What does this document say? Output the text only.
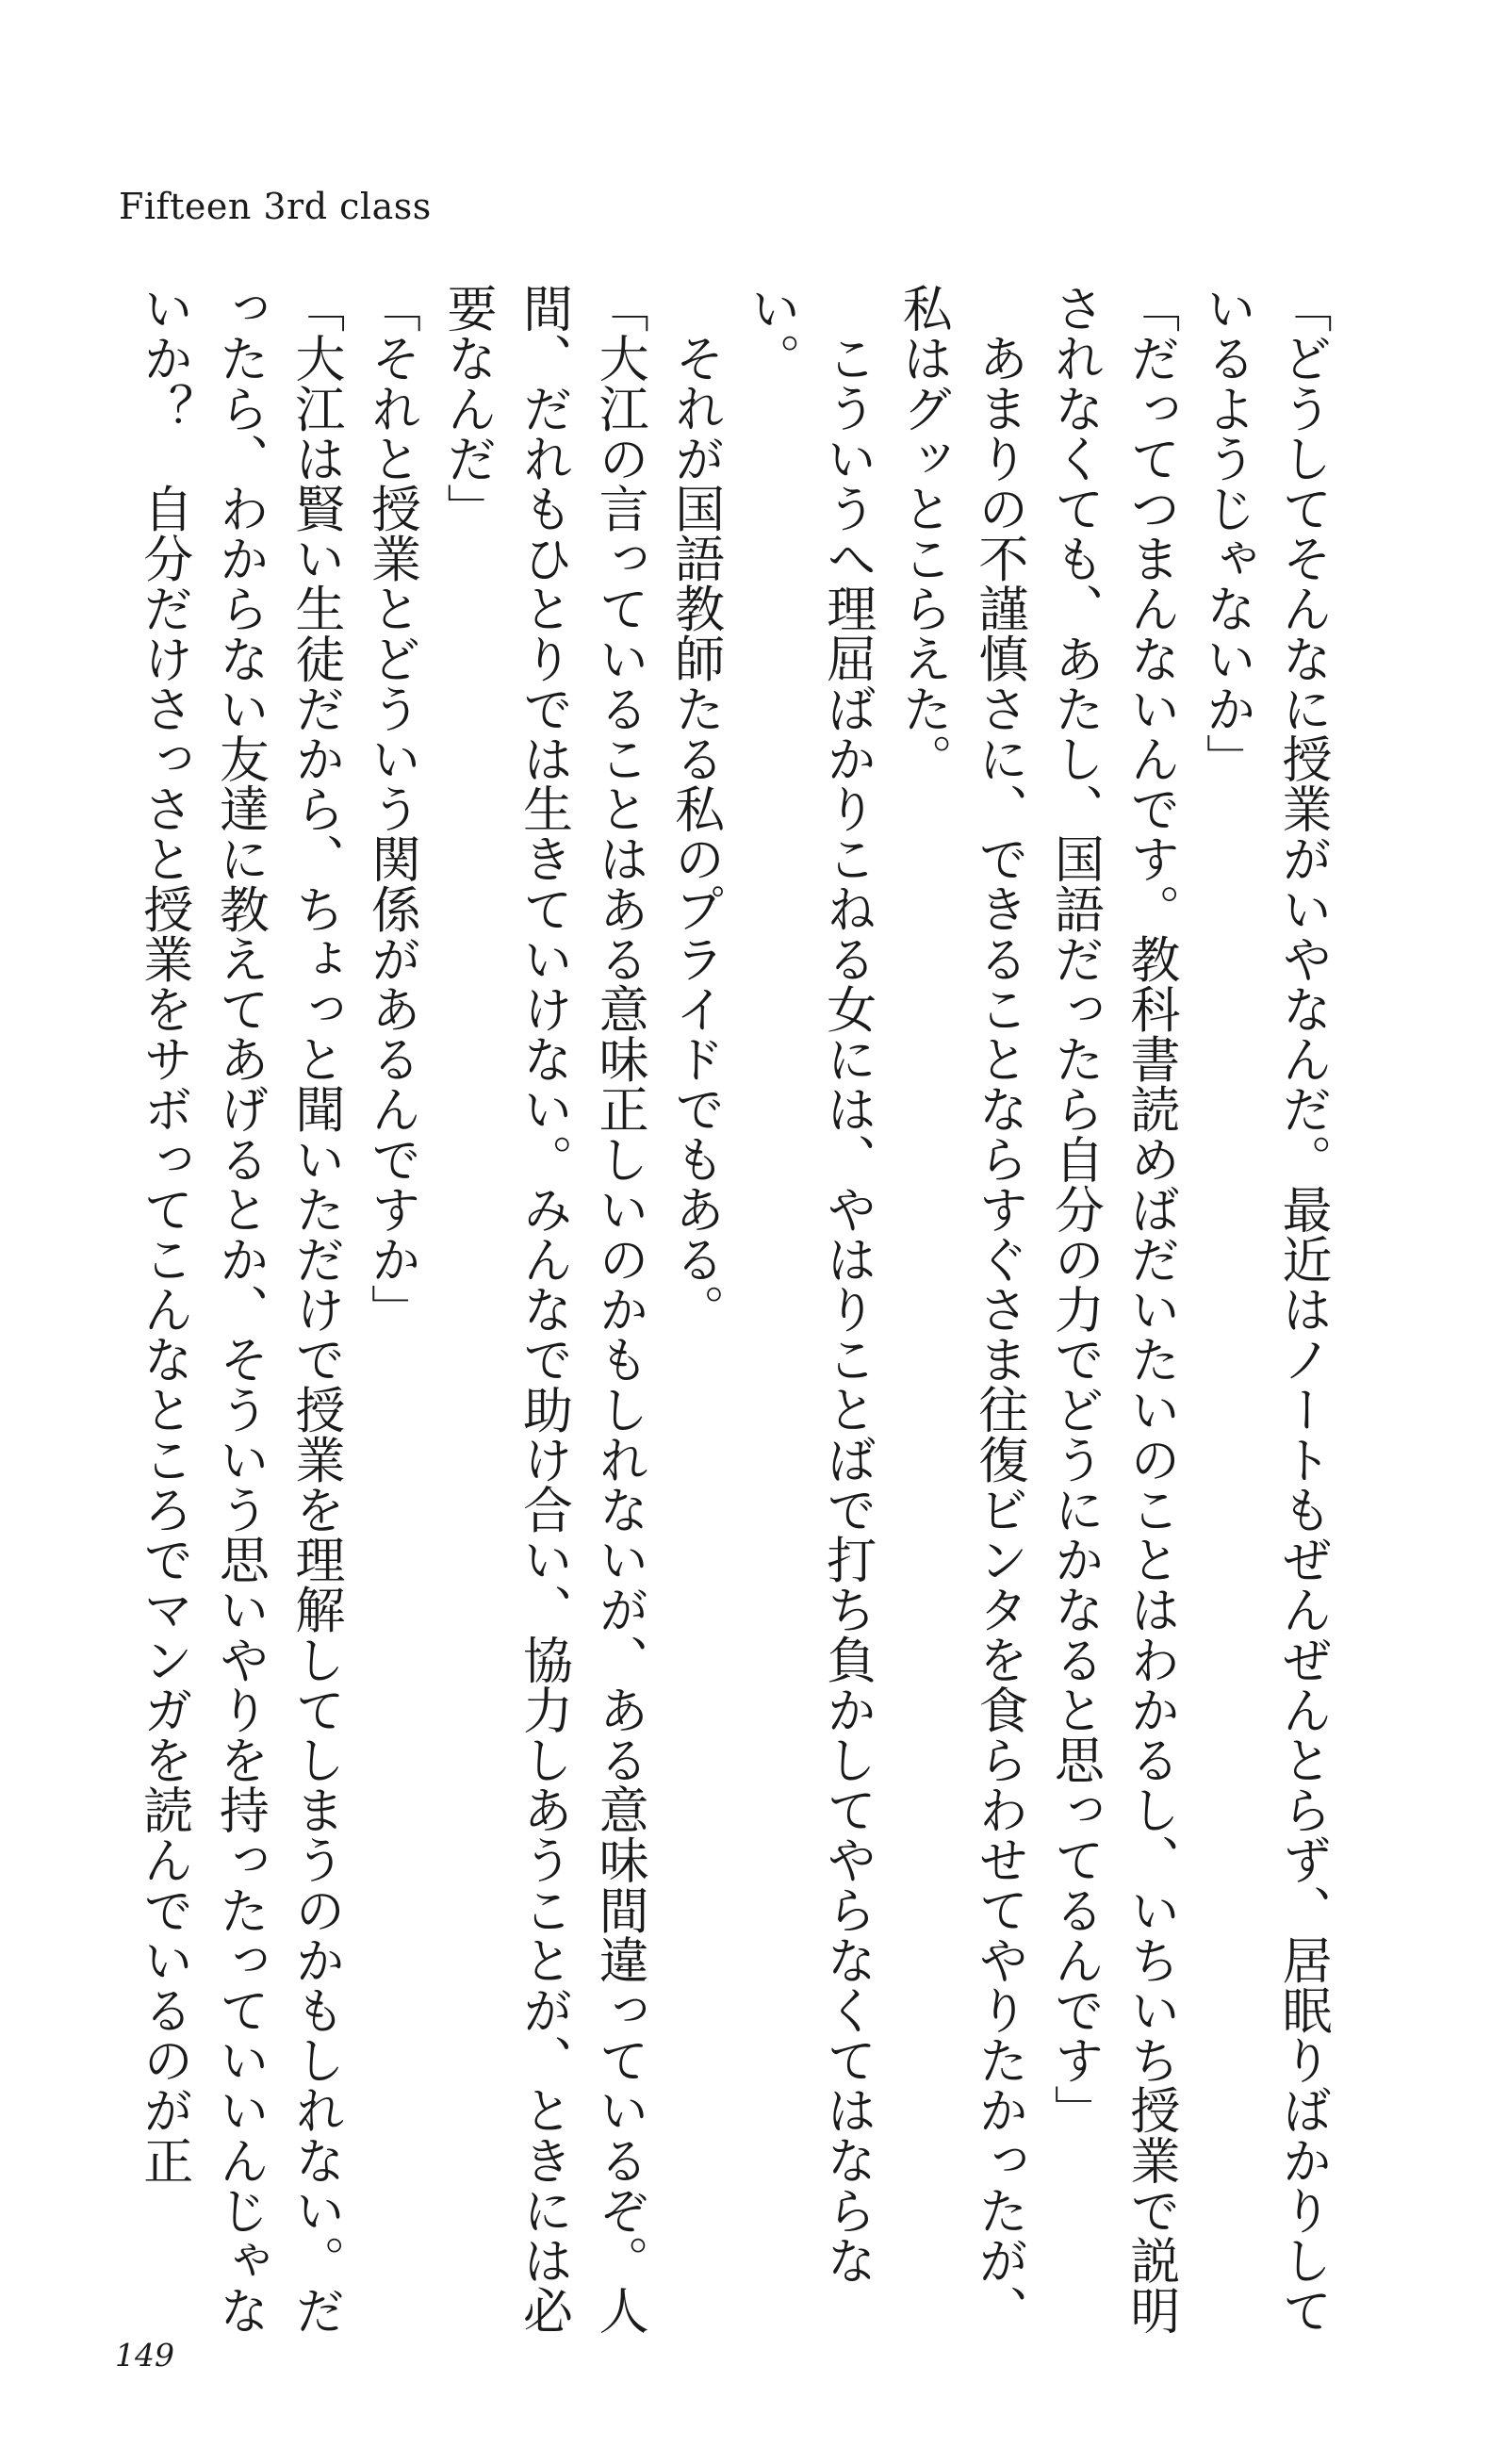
Fifteen 3rd class

「どうしてそんなに授業がいやなんだ。最近はノートもぜんぜんとらず、居眠りばかりしているようじゃないか」

「だってつまんないんです。教科書読めばだいたいのことはわかるし、いちいち授業で説明されなくても、あたし、国語だったら自分の力でどうにかなると思ってるんです」

あまりの不謹慎さに、できることならすぐさま往復ビンタを食らわせてやりたかったが、私はグッとこらえた。

こういうへ理屈ばかりこねる女には、やはりことばで打ち負かしてやらなくてはならない。

それが国語教師たる私のプライドでもある。

「大江の言っていることはある意味正しいのかもしれないが、ある意味間違っているぞ。人間、だれもひとりでは生きていけない。みんなで助け合い、協力しあうことが、ときには必要なんだ」

「それと授業とどういう関係があるんですか」

「大江は賢い生徒だから、ちょっと聞いただけで授業を理解してしまうのかもしれない。だったら、わからない友達に教えてあげるとか、そういう思いやりを持ったっていいんじゃないか？　自分だけさっさと授業をサボってこんなところでマンガを読んでいるのが正

149
